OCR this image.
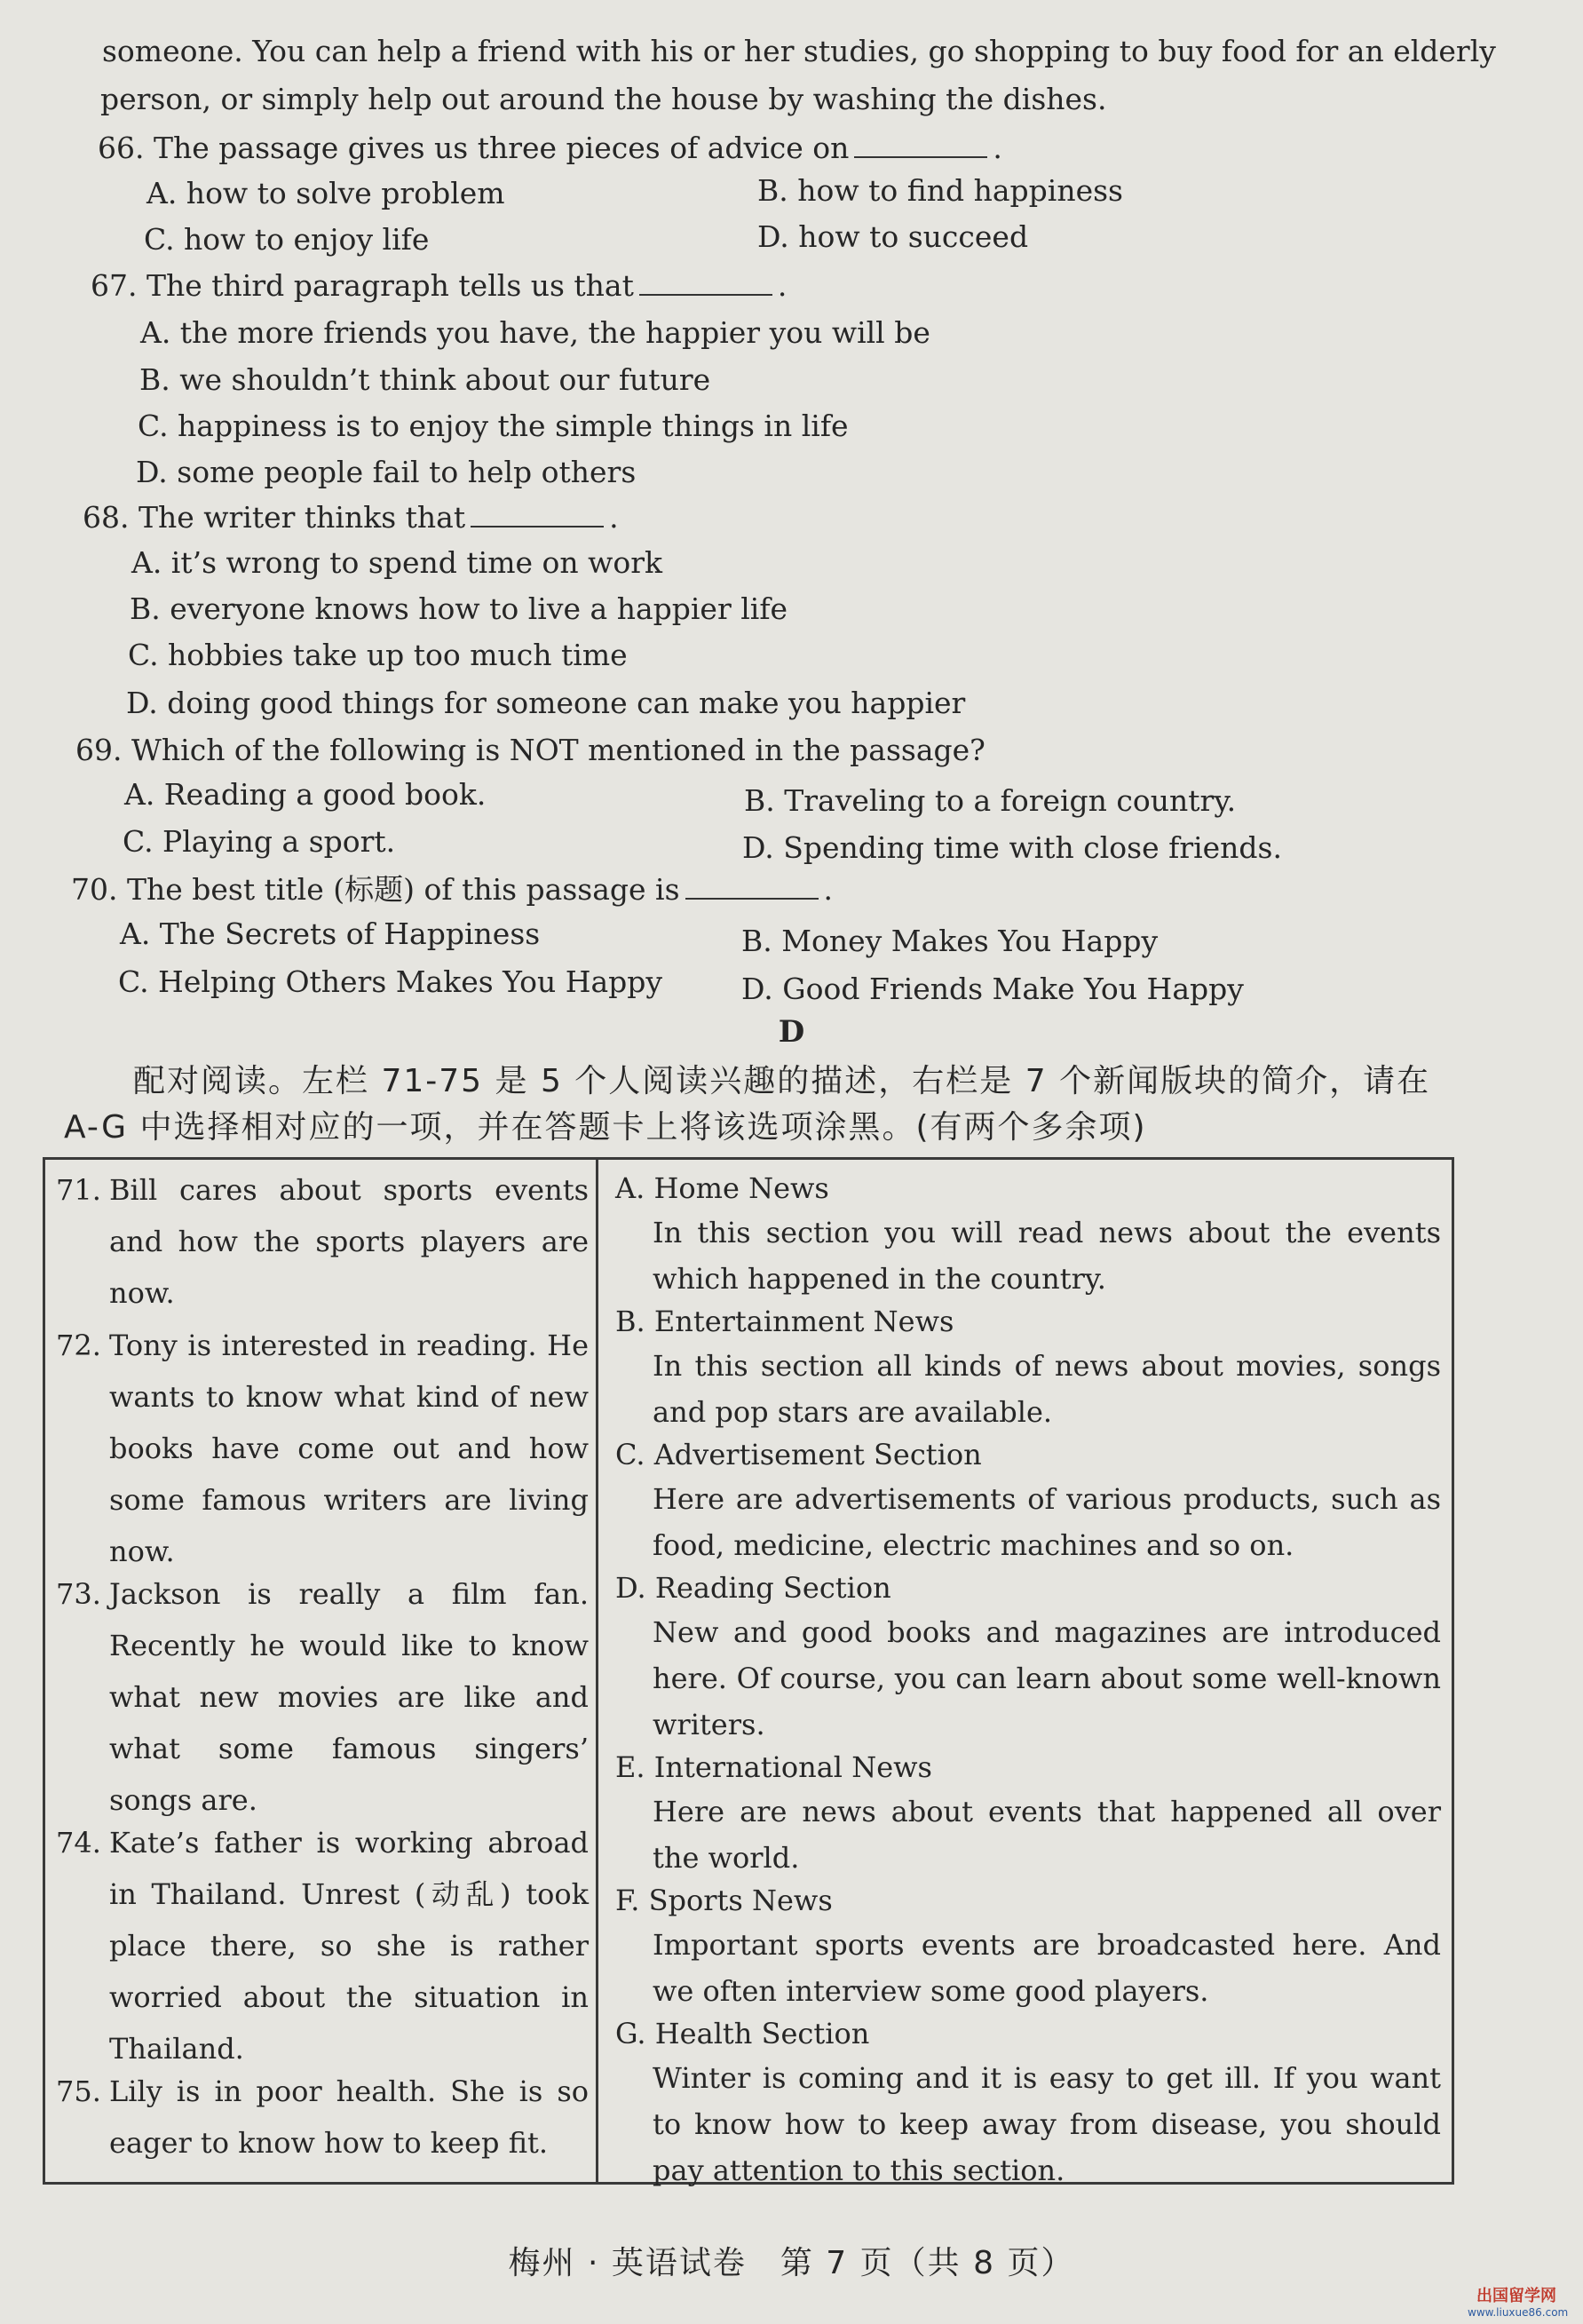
someone. You can help a friend with his or her studies, go shopping to buy food for an elderly
person, or simply help out around the house by washing the dishes.
66. The passage gives us three pieces of advice on	.
A. how to solve problem	B. how to find happiness
C. how to enjoy life	D. how to succeed
67. The third paragraph tells us that	.
A. the more friends you have, the happier you will be
B. we shouldn’t think about our future
C. happiness is to enjoy the simple things in life
D. some people fail to help others
68. The writer thinks that	.
A. it’s wrong to spend time on work
B. everyone knows how to live a happier life
C. hobbies take up too much time
D. doing good things for someone can make you happier
69. Which of the following is NOT mentioned in the passage?
A. Reading a good book.	B. Traveling to a foreign country.
C. Playing a sport.	D. Spending time with close friends.
70. The best title (标题) of this passage is	.
A. The Secrets of Happiness	B. Money Makes You Happy
C. Helping Others Makes You Happy	D. Good Friends Make You Happy
D
配对阅读。左栏 71-75 是 5 个人阅读兴趣的描述，右栏是 7 个新闻版块的简介，请在
A-G 中选择相对应的一项，并在答题卡上将该选项涂黑。(有两个多余项)
71. Bill cares about sports events and how the sports players are now.
72. Tony is interested in reading. He wants to know what kind of new books have come out and how some famous writers are living now.
73. Jackson is really a film fan. Recently he would like to know what new movies are like and what some famous singers’ songs are.
74. Kate’s father is working abroad in Thailand. Unrest (动乱) took place there, so she is rather worried about the situation in Thailand.
75. Lily is in poor health. She is so eager to know how to keep fit.
A. Home News
In this section you will read news about the events which happened in the country.
B. Entertainment News
In this section all kinds of news about movies, songs and pop stars are available.
C. Advertisement Section
Here are advertisements of various products, such as food, medicine, electric machines and so on.
D. Reading Section
New and good books and magazines are introduced here. Of course, you can learn about some well-known writers.
E. International News
Here are news about events that happened all over the world.
F. Sports News
Important sports events are broadcasted here. And we often interview some good players.
G. Health Section
Winter is coming and it is easy to get ill. If you want to know how to keep away from disease, you should pay attention to this section.
梅州 · 英语试卷　第 7 页（共 8 页）
出国留学网
www.liuxue86.com
